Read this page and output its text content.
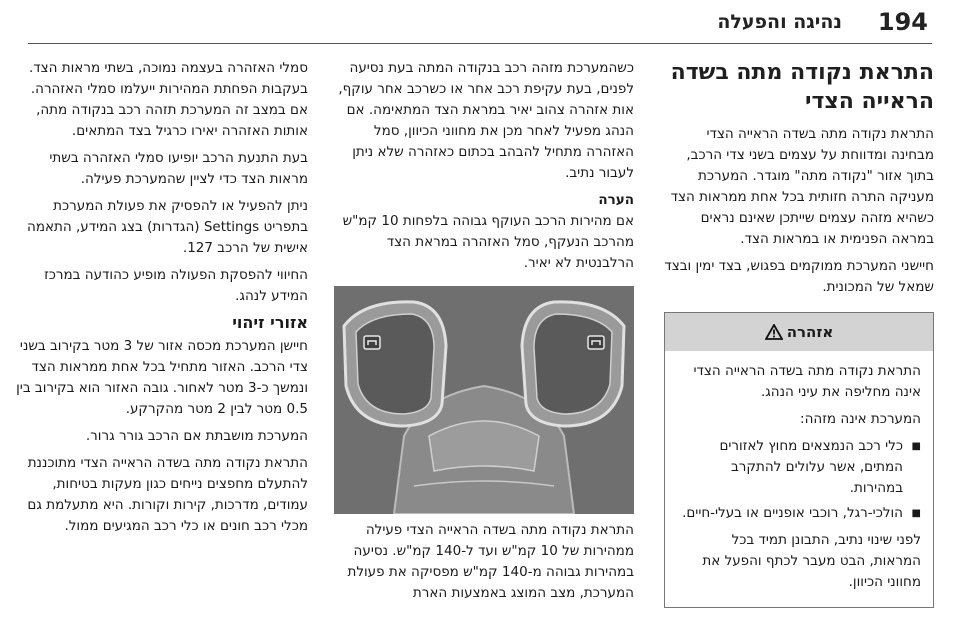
194
נהיגה והפעלה
התראת נקודה מתה בשדה הראייה הצדי

התראת נקודה מתה בשדה הראייה הצדי מבחינה ומדווחת על עצמים בשני צדי הרכב, בתוך אזור "נקודה מתה" מוגדר. המערכת מעניקה התרה חזותית בכל אחת ממראות הצד כשהיא מזהה עצמים שייתכן שאינם נראים במראה הפנימית או במראות הצד.

חיישני המערכת ממוקמים בפגוש, בצד ימין ובצד שמאל של המכונית.

אזהרה

התראת נקודה מתה בשדה הראייה הצדי אינה מחליפה את עיני הנהג.

המערכת אינה מזהה:

■ כלי רכב הנמצאים מחוץ לאזורים המתים, אשר עלולים להתקרב במהירות.
■ הולכי-רגל, רוכבי אופניים או בעלי-חיים.

לפני שינוי נתיב, התבונן תמיד בכל המראות, הבט מעבר לכתף והפעל את מחווני הכיוון.

כשהמערכת מזהה רכב בנקודה המתה בעת נסיעה לפנים, בעת עקיפת רכב אחר או כשרכב אחר עוקף, אות אזהרה צהוב יאיר במראת הצד המתאימה. אם הנהג מפעיל לאחר מכן את מחווני הכיוון, סמל האזהרה מתחיל להבהב בכתום כאזהרה שלא ניתן לעבור נתיב.

הערה

אם מהירות הרכב העוקף גבוהה בלפחות 10 קמ"ש מהרכב הנעקף, סמל האזהרה במראת הצד הרלבנטית לא יאיר.

התראת נקודה מתה בשדה הראייה הצדי פעילה ממהירות של 10 קמ"ש ועד ל-140 קמ"ש. נסיעה במהירות גבוהה מ-140 קמ"ש מפסיקה את פעולת המערכת, מצב המוצג באמצעות הארת

סמלי האזהרה בעצמה נמוכה, בשתי מראות הצד. בעקבות הפחתת המהירות ייעלמו סמלי האזהרה. אם במצב זה המערכת תזהה רכב בנקודה מתה, אותות האזהרה יאירו כרגיל בצד המתאים.

בעת התנעת הרכב יופיעו סמלי האזהרה בשתי מראות הצד כדי לציין שהמערכת פעילה.

ניתן להפעיל או להפסיק את פעולת המערכת בתפריט Settings (הגדרות) בצג המידע, התאמה אישית של הרכב 127.

החיווי להפסקת הפעולה מופיע כהודעה במרכז המידע לנהג.

אזורי זיהוי

חיישן המערכת מכסה אזור של 3 מטר בקירוב בשני צדי הרכב. האזור מתחיל בכל אחת ממראות הצד ונמשך כ-3 מטר לאחור. גובה האזור הוא בקירוב בין 0.5 מטר לבין 2 מטר מהקרקע.

המערכת מושבתת אם הרכב גורר גרור.

התראת נקודה מתה בשדה הראייה הצדי מתוכננת להתעלם מחפצים נייחים כגון מעקות בטיחות, עמודים, מדרכות, קירות וקורות. היא מתעלמת גם מכלי רכב חונים או כלי רכב המגיעים ממול.
